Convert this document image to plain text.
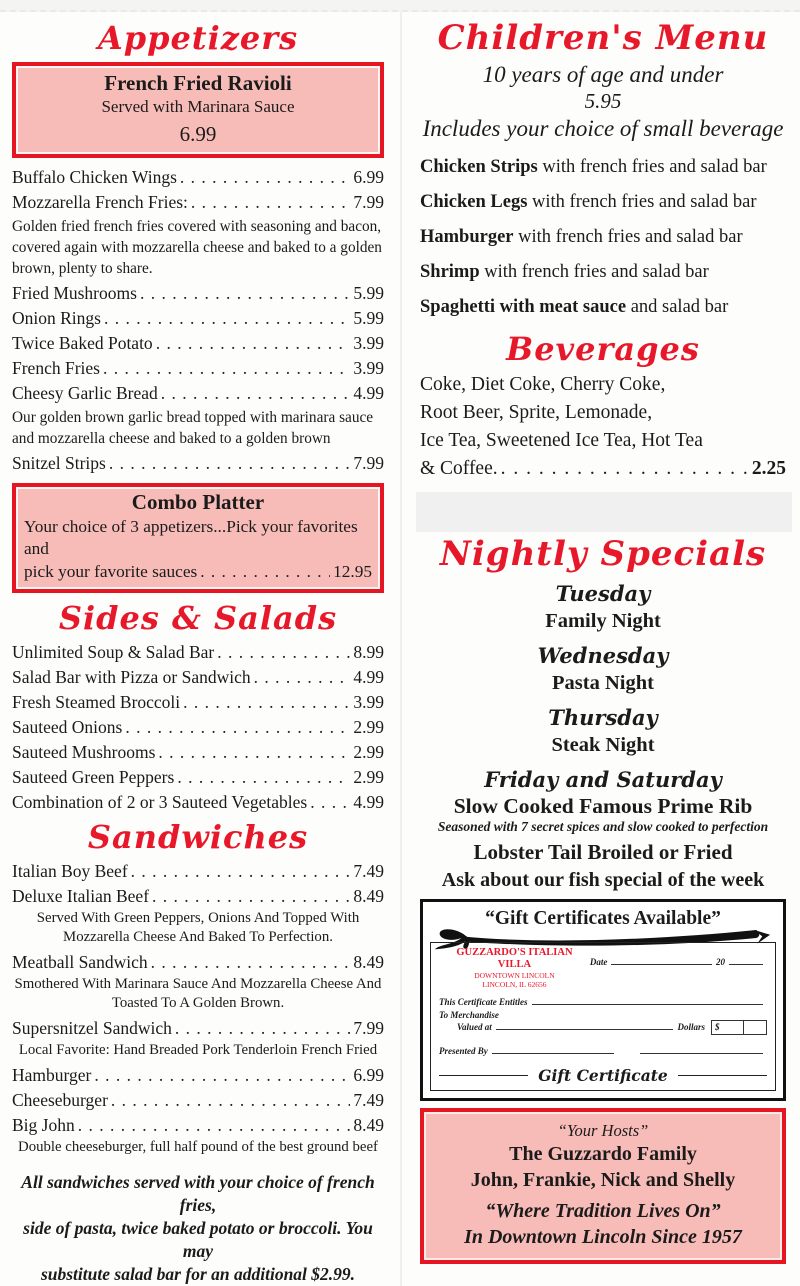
Appetizers
French Fried Ravioli
Served with Marinara Sauce
6.99
Buffalo Chicken Wings . . .	6.99
Mozzarella French Fries: . . .	7.99
Golden fried french fries covered with seasoning and bacon, covered again with mozzarella cheese and baked to a golden brown, plenty to share.
Fried Mushrooms . . .	5.99
Onion Rings . . .	5.99
Twice Baked Potato . . .	3.99
French Fries . . .	3.99
Cheesy Garlic Bread . . .	4.99
Our golden brown garlic bread topped with marinara sauce and mozzarella cheese and baked to a golden brown
Snitzel Strips . . .	7.99
Combo Platter
Your choice of 3 appetizers...Pick your favorites and
pick your favorite sauces . . .	12.95
Sides & Salads
Unlimited Soup & Salad Bar . . .	8.99
Salad Bar with Pizza or Sandwich . . .	4.99
Fresh Steamed Broccoli . . .	3.99
Sauteed Onions . . .	2.99
Sauteed Mushrooms . . .	2.99
Sauteed Green Peppers . . .	2.99
Combination of 2 or 3 Sauteed Vegetables . . .	4.99
Sandwiches
Italian Boy Beef . . .	7.49
Deluxe Italian Beef . . .	8.49
Served With Green Peppers, Onions And Topped With Mozzarella Cheese And Baked To Perfection.
Meatball Sandwich . . .	8.49
Smothered With Marinara Sauce And Mozzarella Cheese And Toasted To A Golden Brown.
Supersnitzel Sandwich . . .	7.99
Local Favorite: Hand Breaded Pork Tenderloin French Fried
Hamburger . . .	6.99
Cheeseburger . . .	7.49
Big John . . .	8.49
Double cheeseburger, full half pound of the best ground beef
All sandwiches served with your choice of french fries,
side of pasta, twice baked potato or broccoli. You may
substitute salad bar for an additional $2.99.
Children's Menu
10 years of age and under
5.95
Includes your choice of small beverage
Chicken Strips with french fries and salad bar
Chicken Legs with french fries and salad bar
Hamburger with french fries and salad bar
Shrimp with french fries and salad bar
Spaghetti with meat sauce and salad bar
Beverages
Coke, Diet Coke, Cherry Coke,
Root Beer, Sprite, Lemonade,
Ice Tea, Sweetened Ice Tea, Hot Tea
& Coffee. . . .	2.25
Nightly Specials
Tuesday
Family Night
Wednesday
Pasta Night
Thursday
Steak Night
Friday and Saturday
Slow Cooked Famous Prime Rib
Seasoned with 7 secret spices and slow cooked to perfection
Lobster Tail Broiled or Fried
Ask about our fish special of the week
“Gift Certificates Available”
GUZZARDO'S ITALIAN VILLA
DOWNTOWN LINCOLN
LINCOLN, IL 62656
Date	20
This Certificate Entitles
To Merchandise
Valued at	Dollars	$
Presented By
Gift Certificate
“Your Hosts”
The Guzzardo Family
John, Frankie, Nick and Shelly
“Where Tradition Lives On”
In Downtown Lincoln Since 1957
